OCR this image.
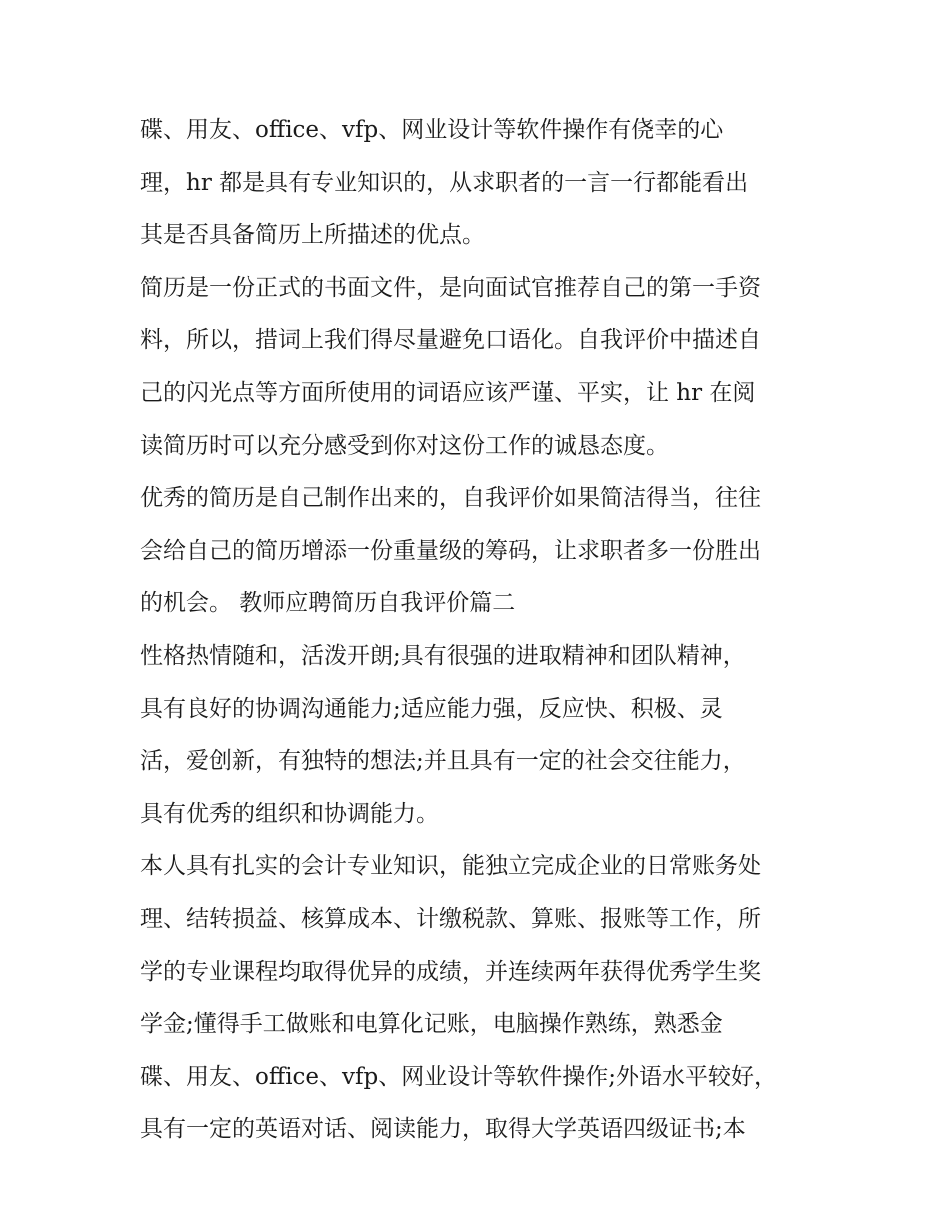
碟、用友、office、vfp、网业设计等软件操作有侥幸的心
理，hr 都是具有专业知识的，从求职者的一言一行都能看出
其是否具备简历上所描述的优点。
简历是一份正式的书面文件，是向面试官推荐自己的第一手资
料，所以，措词上我们得尽量避免口语化。自我评价中描述自
己的闪光点等方面所使用的词语应该严谨、平实，让 hr 在阅
读简历时可以充分感受到你对这份工作的诚恳态度。
优秀的简历是自己制作出来的，自我评价如果简洁得当，往往
会给自己的简历增添一份重量级的筹码，让求职者多一份胜出
的机会。 教师应聘简历自我评价篇二
性格热情随和，活泼开朗;具有很强的进取精神和团队精神，
具有良好的协调沟通能力;适应能力强，反应快、积极、灵
活，爱创新，有独特的想法;并且具有一定的社会交往能力，
具有优秀的组织和协调能力。
本人具有扎实的会计专业知识，能独立完成企业的日常账务处
理、结转损益、核算成本、计缴税款、算账、报账等工作，所
学的专业课程均取得优异的成绩，并连续两年获得优秀学生奖
学金;懂得手工做账和电算化记账，电脑操作熟练，熟悉金
碟、用友、office、vfp、网业设计等软件操作;外语水平较好，
具有一定的英语对话、阅读能力，取得大学英语四级证书;本
